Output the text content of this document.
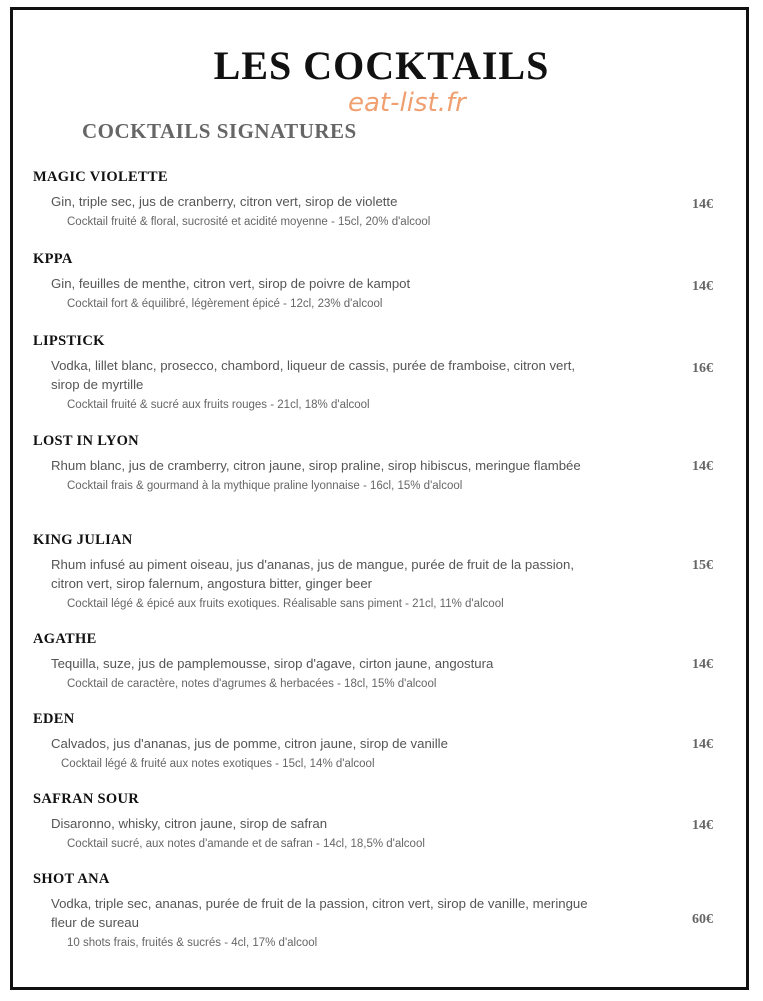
LES COCKTAILS
eat-list.fr
COCKTAILS SIGNATURES
MAGIC VIOLETTE
Gin, triple sec, jus de cranberry, citron vert, sirop de violette
Cocktail fruité & floral, sucrosité et acidité moyenne - 15cl, 20% d'alcool
14€
KPPA
Gin, feuilles de menthe, citron vert, sirop de poivre de kampot
Cocktail fort & équilibré, légèrement épicé - 12cl, 23% d'alcool
14€
LIPSTICK
Vodka, lillet blanc, prosecco, chambord, liqueur de cassis, purée de framboise, citron vert, sirop de myrtille
Cocktail fruité & sucré aux fruits rouges - 21cl, 18% d'alcool
16€
LOST IN LYON
Rhum blanc, jus de cramberry, citron jaune, sirop praline, sirop hibiscus, meringue flambée
Cocktail frais & gourmand à la mythique praline lyonnaise - 16cl, 15% d'alcool
14€
KING JULIAN
Rhum infusé au piment oiseau, jus d'ananas, jus de mangue, purée de fruit de la passion, citron vert, sirop falernum, angostura bitter, ginger beer
Cocktail légé & épicé aux fruits exotiques. Réalisable sans piment - 21cl, 11% d'alcool
15€
AGATHE
Tequilla, suze, jus de pamplemousse, sirop d'agave, cirton jaune, angostura
Cocktail de caractère, notes d'agrumes & herbacées - 18cl, 15% d'alcool
14€
EDEN
Calvados, jus d'ananas, jus de pomme, citron jaune, sirop de vanille
Cocktail légé & fruité aux notes exotiques - 15cl, 14% d'alcool
14€
SAFRAN SOUR
Disaronno, whisky, citron jaune, sirop de safran
Cocktail sucré, aux notes d'amande et de safran - 14cl, 18,5% d'alcool
14€
SHOT ANA
Vodka, triple sec, ananas, purée de fruit de la passion, citron vert, sirop de vanille, meringue fleur de sureau
10 shots frais, fruités & sucrés - 4cl, 17% d'alcool
60€
